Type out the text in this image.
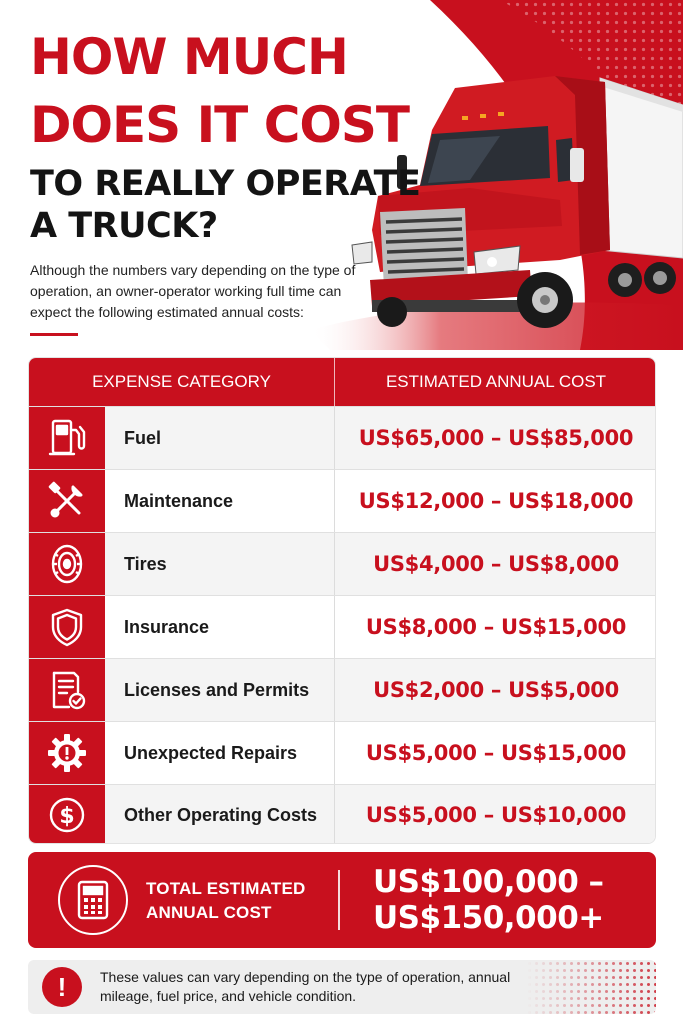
HOW MUCH
DOES IT COST
TO REALLY OPERATE
A TRUCK?

Although the numbers vary depending on the type of operation, an owner-operator working full time can expect the following estimated annual costs:

EXPENSE CATEGORY	ESTIMATED ANNUAL COST
Fuel	US$65,000 – US$85,000
Maintenance	US$12,000 – US$18,000
Tires	US$4,000 – US$8,000
Insurance	US$8,000 – US$15,000
Licenses and Permits	US$2,000 – US$5,000
Unexpected Repairs	US$5,000 – US$15,000
$	Other Operating Costs	US$5,000 – US$10,000
TOTAL ESTIMATED ANNUAL COST
US$100,000 –
US$150,000+
!	These values can vary depending on the type of operation, annual mileage, fuel price, and vehicle condition.
